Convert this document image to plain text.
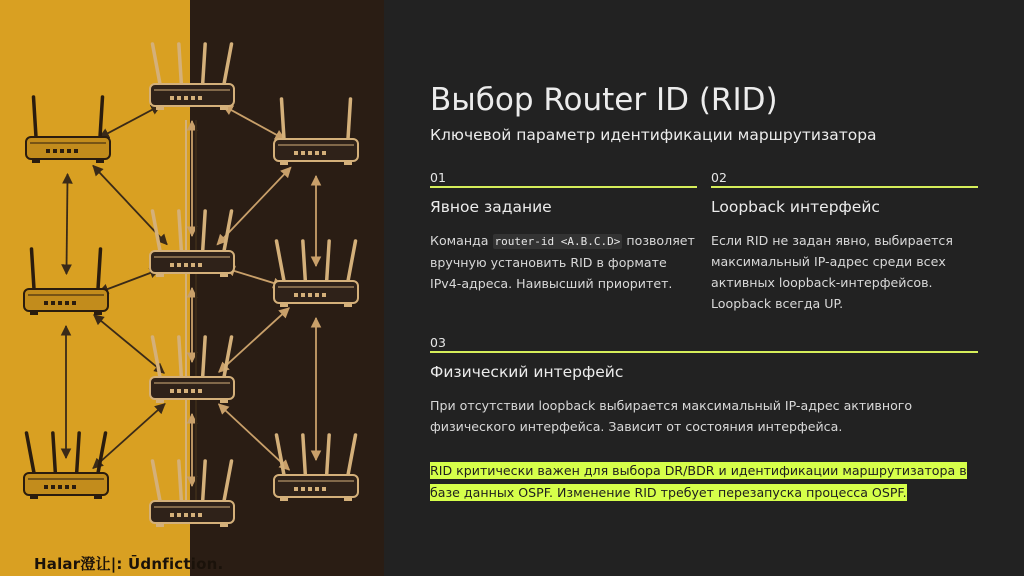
Нalar澄让|: Ūdnfiction.
Выбор Router ID (RID)
Ключевой параметр идентификации маршрутизатора
01
Явное задание
Команда router-id <A.B.C.D> позволяет вручную установить RID в формате IPv4-адреса. Наивысший приоритет.
02
Loopback интерфейс
Если RID не задан явно, выбирается максимальный IP-адрес среди всех активных loopback-интерфейсов. Loopback всегда UP.
03
Физический интерфейс
При отсутствии loopback выбирается максимальный IP-адрес активного физического интерфейса. Зависит от состояния интерфейса.
RID критически важен для выбора DR/BDR и идентификации маршрутизатора в базе данных OSPF. Изменение RID требует перезапуска процесса OSPF.
